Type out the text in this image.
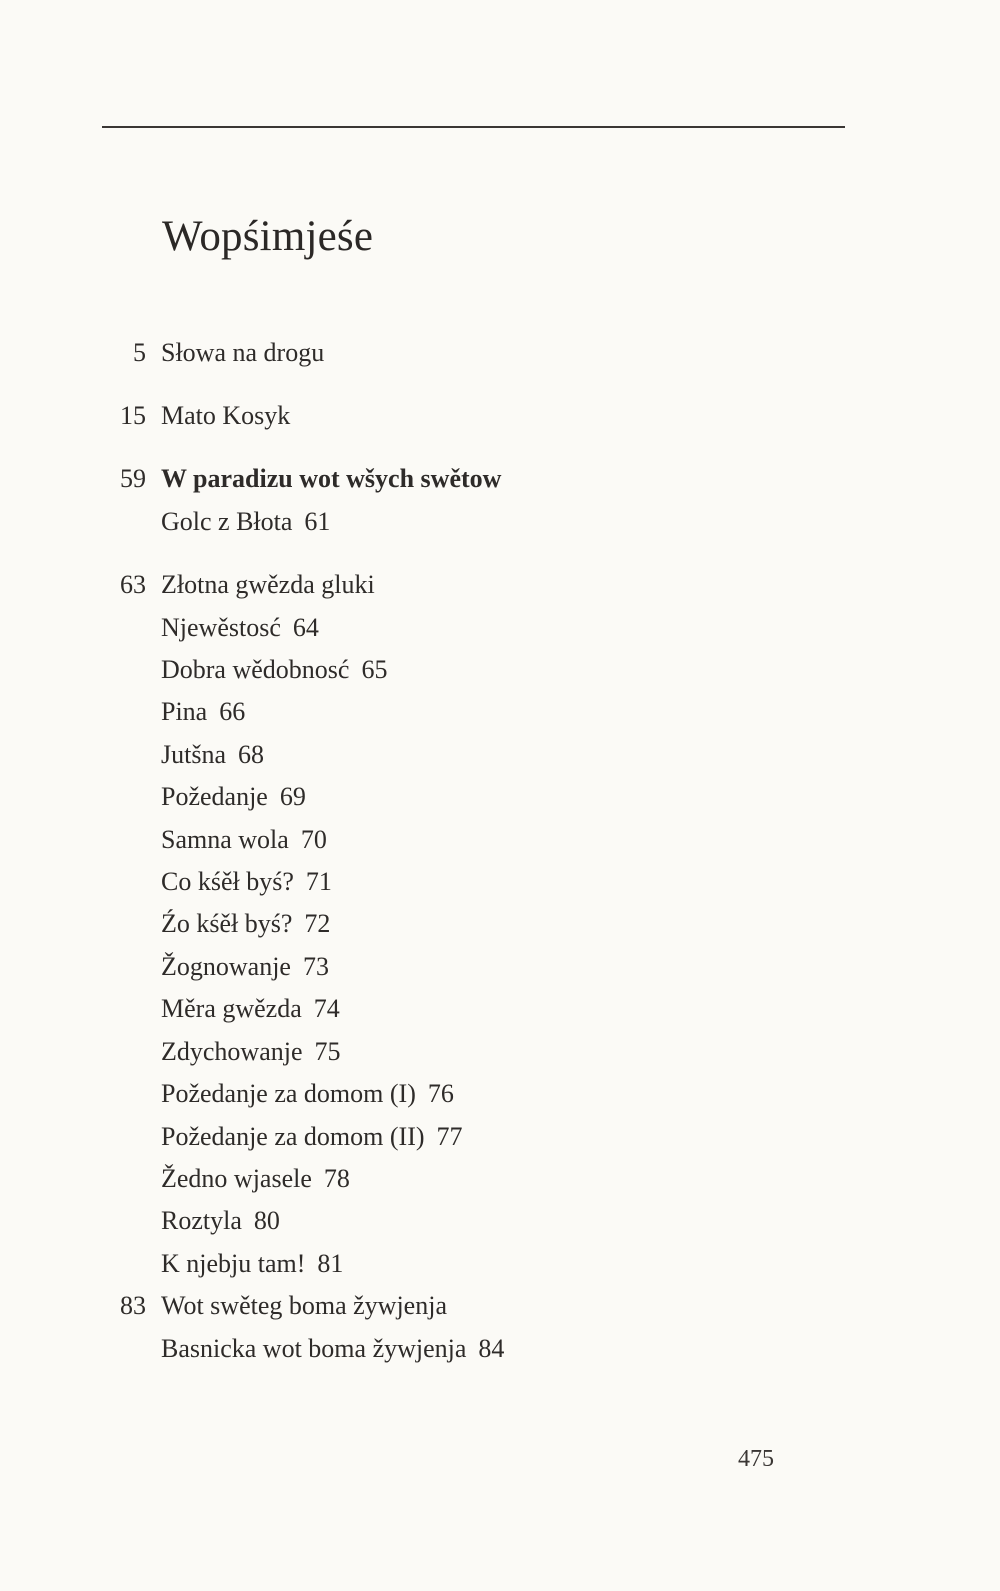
Wopśimjeśe
5 Słowa na drogu
15 Mato Kosyk
59 W paradizu wot wšych swětow
Golc z Błota 61
63 Złotna gwězda gluki
Njewěstosć 64
Dobra wědobnosć 65
Pina 66
Jutšna 68
Požedanje 69
Samna wola 70
Co kśěł byś? 71
Źo kśěł byś? 72
Žognowanje 73
Měra gwězda 74
Zdychowanje 75
Požedanje za domom (I) 76
Požedanje za domom (II) 77
Žedno wjasele 78
Roztyla 80
K njebju tam! 81
83 Wot swěteg boma žywjenja
Basnicka wot boma žywjenja 84
475
